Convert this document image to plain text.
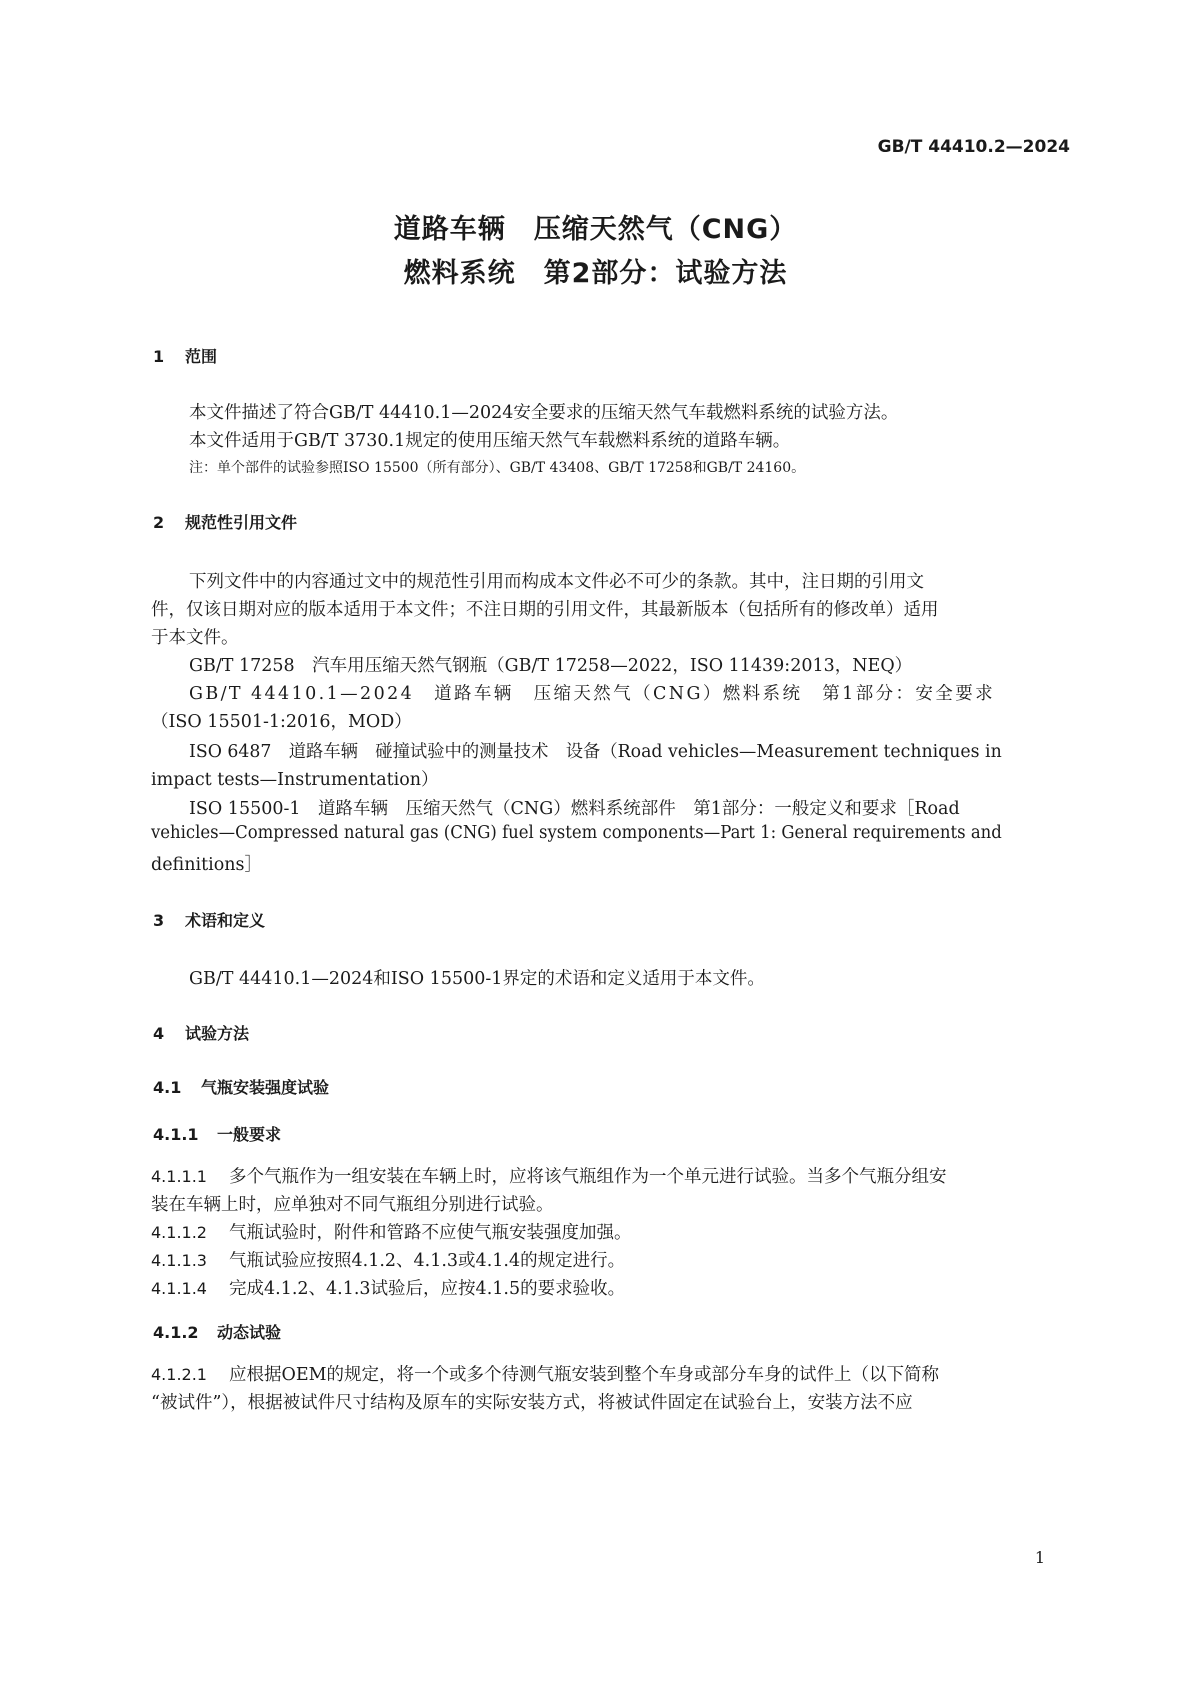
GB/T 44410.2—2024
道路车辆　压缩天然气（CNG）
燃料系统　第2部分：试验方法
1 范围
本文件描述了符合GB/T 44410.1—2024安全要求的压缩天然气车载燃料系统的试验方法。
本文件适用于GB/T 3730.1规定的使用压缩天然气车载燃料系统的道路车辆。
注：单个部件的试验参照ISO 15500（所有部分）、GB/T 43408、GB/T 17258和GB/T 24160。
2 规范性引用文件
下列文件中的内容通过文中的规范性引用而构成本文件必不可少的条款。其中，注日期的引用文
件，仅该日期对应的版本适用于本文件；不注日期的引用文件，其最新版本（包括所有的修改单）适用
于本文件。
GB/T 17258　汽车用压缩天然气钢瓶（GB/T 17258—2022，ISO 11439:2013，NEQ）
GB/T 44410.1—2024　道路车辆　压缩天然气（CNG）燃料系统　第1部分：安全要求
（ISO 15501-1:2016，MOD）
ISO 6487　道路车辆　碰撞试验中的测量技术　设备（Road vehicles—Measurement techniques in
impact tests—Instrumentation）
ISO 15500-1　道路车辆　压缩天然气（CNG）燃料系统部件　第1部分：一般定义和要求［Road
vehicles—Compressed natural gas (CNG) fuel system components—Part 1: General requirements and
definitions］
3 术语和定义
GB/T 44410.1—2024和ISO 15500-1界定的术语和定义适用于本文件。
4 试验方法
4.1 气瓶安装强度试验
4.1.1 一般要求
4.1.1.1 多个气瓶作为一组安装在车辆上时，应将该气瓶组作为一个单元进行试验。当多个气瓶分组安
装在车辆上时，应单独对不同气瓶组分别进行试验。
4.1.1.2 气瓶试验时，附件和管路不应使气瓶安装强度加强。
4.1.1.3 气瓶试验应按照4.1.2、4.1.3或4.1.4的规定进行。
4.1.1.4 完成4.1.2、4.1.3试验后，应按4.1.5的要求验收。
4.1.2 动态试验
4.1.2.1 应根据OEM的规定，将一个或多个待测气瓶安装到整个车身或部分车身的试件上（以下简称
“被试件”），根据被试件尺寸结构及原车的实际安装方式，将被试件固定在试验台上，安装方法不应
1
